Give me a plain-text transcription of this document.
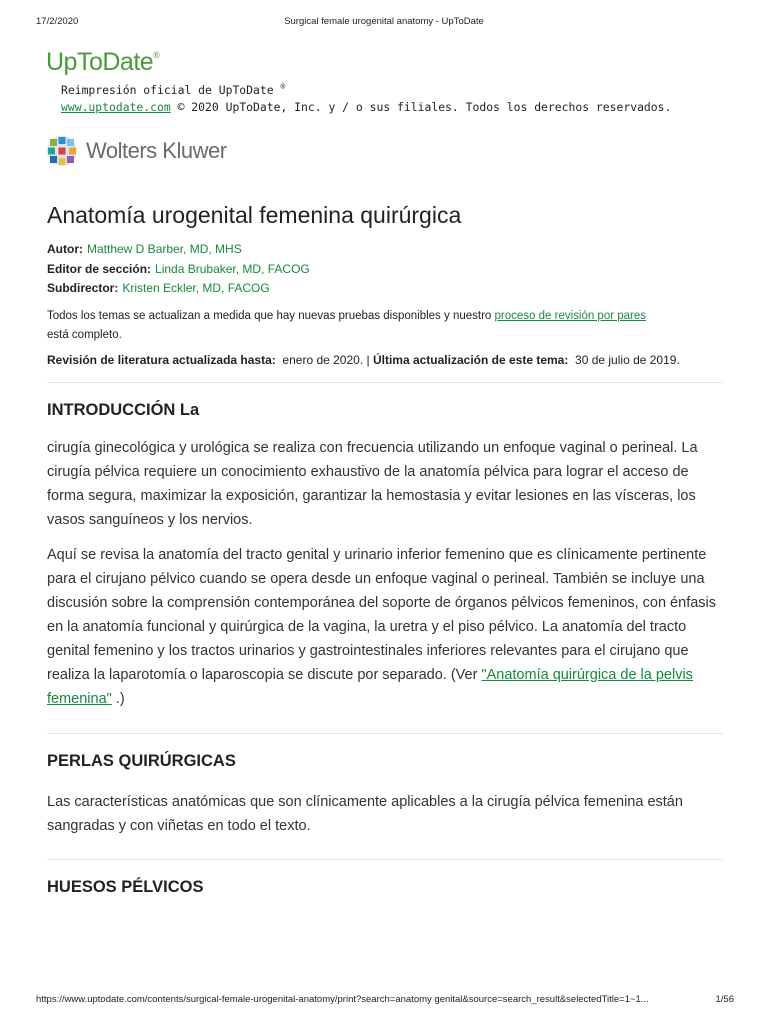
17/2/2020	Surgical female urogenital anatomy - UpToDate
UpToDate®
Reimpresión oficial de UpToDate ®
www.uptodate.com © 2020 UpToDate, Inc. y / o sus filiales. Todos los derechos reservados.
Wolters Kluwer
Anatomía urogenital femenina quirúrgica
Autor: Matthew D Barber, MD, MHS
Editor de sección: Linda Brubaker, MD, FACOG
Subdirector: Kristen Eckler, MD, FACOG
Todos los temas se actualizan a medida que hay nuevas pruebas disponibles y nuestro proceso de revisión por pares
está completo.
Revisión de literatura actualizada hasta: enero de 2020. | Última actualización de este tema: 30 de julio de 2019.
INTRODUCCIÓN La

cirugía ginecológica y urológica se realiza con frecuencia utilizando un enfoque vaginal o perineal. La cirugía pélvica requiere un conocimiento exhaustivo de la anatomía pélvica para lograr el acceso de forma segura, maximizar la exposición, garantizar la hemostasia y evitar lesiones en las vísceras, los vasos sanguíneos y los nervios.

Aquí se revisa la anatomía del tracto genital y urinario inferior femenino que es clínicamente pertinente para el cirujano pélvico cuando se opera desde un enfoque vaginal o perineal. También se incluye una discusión sobre la comprensión contemporánea del soporte de órganos pélvicos femeninos, con énfasis en la anatomía funcional y quirúrgica de la vagina, la uretra y el piso pélvico. La anatomía del tracto genital femenino y los tractos urinarios y gastrointestinales inferiores relevantes para el cirujano que realiza la laparotomía o laparoscopia se discute por separado. (Ver "Anatomía quirúrgica de la pelvis femenina" .)

PERLAS QUIRÚRGICAS

Las características anatómicas que son clínicamente aplicables a la cirugía pélvica femenina están sangradas y con viñetas en todo el texto.

HUESOS PÉLVICOS
https://www.uptodate.com/contents/surgical-female-urogenital-anatomy/print?search=anatomy genital&source=search_result&selectedTitle=1~1...	1/56
